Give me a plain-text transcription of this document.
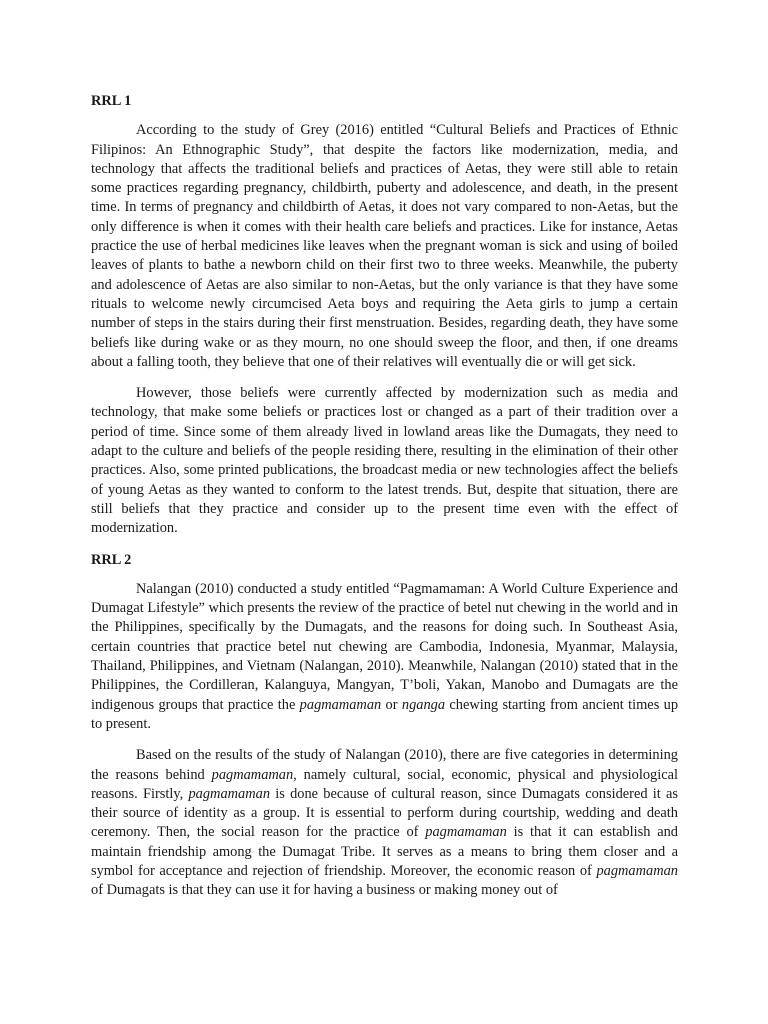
RRL 1

According to the study of Grey (2016) entitled “Cultural Beliefs and Practices of Ethnic Filipinos: An Ethnographic Study”, that despite the factors like modernization, media, and technology that affects the traditional beliefs and practices of Aetas, they were still able to retain some practices regarding pregnancy, childbirth, puberty and adolescence, and death, in the present time. In terms of pregnancy and childbirth of Aetas, it does not vary compared to non-Aetas, but the only difference is when it comes with their health care beliefs and practices. Like for instance, Aetas practice the use of herbal medicines like leaves when the pregnant woman is sick and using of boiled leaves of plants to bathe a newborn child on their first two to three weeks. Meanwhile, the puberty and adolescence of Aetas are also similar to non-Aetas, but the only variance is that they have some rituals to welcome newly circumcised Aeta boys and requiring the Aeta girls to jump a certain number of steps in the stairs during their first menstruation. Besides, regarding death, they have some beliefs like during wake or as they mourn, no one should sweep the floor, and then, if one dreams about a falling tooth, they believe that one of their relatives will eventually die or will get sick.

However, those beliefs were currently affected by modernization such as media and technology, that make some beliefs or practices lost or changed as a part of their tradition over a period of time. Since some of them already lived in lowland areas like the Dumagats, they need to adapt to the culture and beliefs of the people residing there, resulting in the elimination of their other practices. Also, some printed publications, the broadcast media or new technologies affect the beliefs of young Aetas as they wanted to conform to the latest trends. But, despite that situation, there are still beliefs that they practice and consider up to the present time even with the effect of modernization.

RRL 2

Nalangan (2010) conducted a study entitled “Pagmamaman: A World Culture Experience and Dumagat Lifestyle” which presents the review of the practice of betel nut chewing in the world and in the Philippines, specifically by the Dumagats, and the reasons for doing such. In Southeast Asia, certain countries that practice betel nut chewing are Cambodia, Indonesia, Myanmar, Malaysia, Thailand, Philippines, and Vietnam (Nalangan, 2010). Meanwhile, Nalangan (2010) stated that in the Philippines, the Cordilleran, Kalanguya, Mangyan, T’boli, Yakan, Manobo and Dumagats are the indigenous groups that practice the pagmamaman or nganga chewing starting from ancient times up to present.

Based on the results of the study of Nalangan (2010), there are five categories in determining the reasons behind pagmamaman, namely cultural, social, economic, physical and physiological reasons. Firstly, pagmamaman is done because of cultural reason, since Dumagats considered it as their source of identity as a group. It is essential to perform during courtship, wedding and death ceremony. Then, the social reason for the practice of pagmamaman is that it can establish and maintain friendship among the Dumagat Tribe. It serves as a means to bring them closer and a symbol for acceptance and rejection of friendship. Moreover, the economic reason of pagmamaman of Dumagats is that they can use it for having a business or making money out of
